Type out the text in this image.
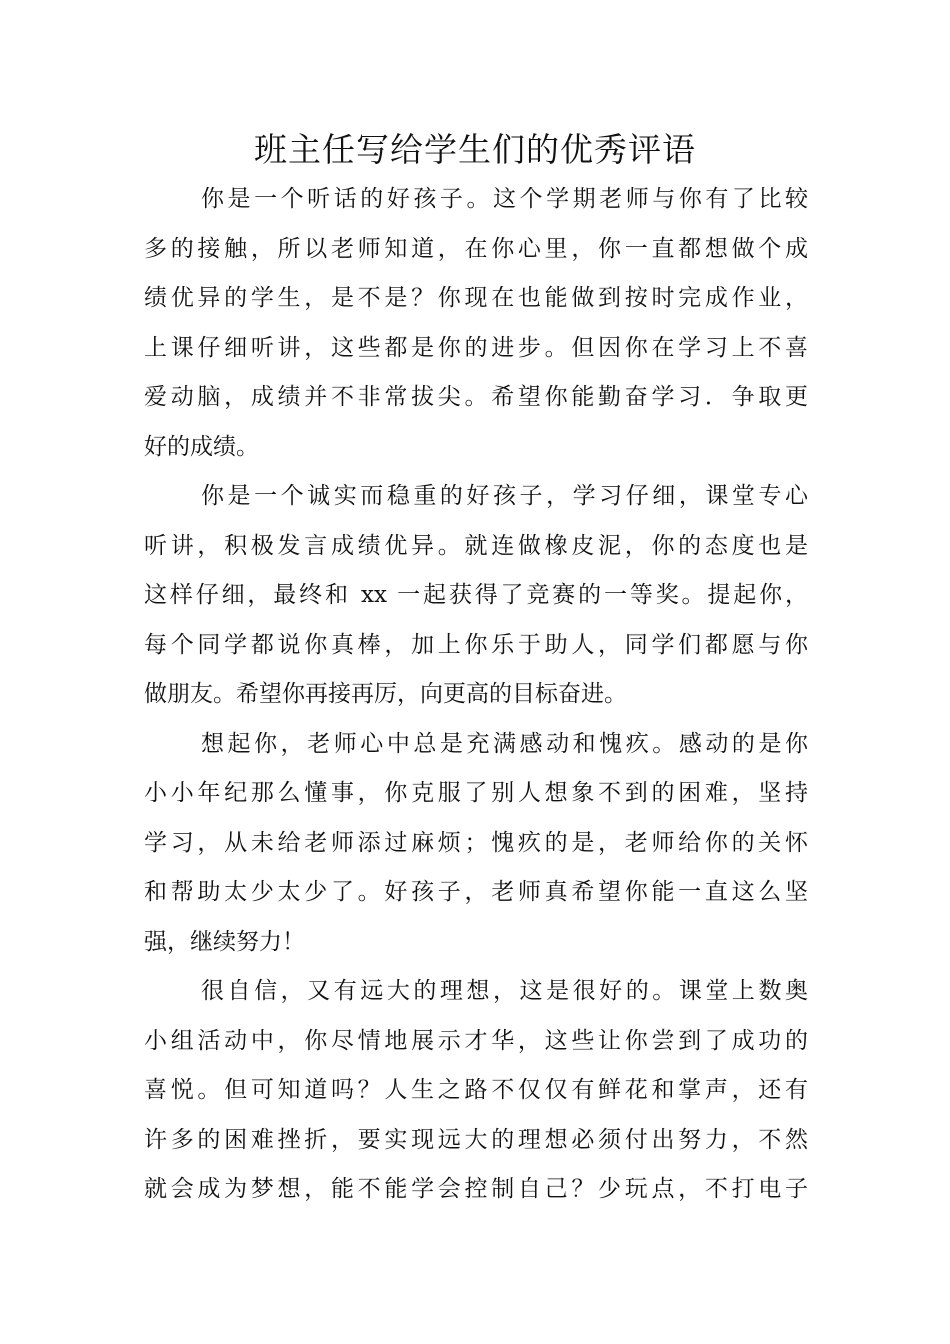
班主任写给学生们的优秀评语

你是一个听话的好孩子。这个学期老师与你有了比较
多的接触，所以老师知道，在你心里，你一直都想做个成
绩优异的学生，是不是？你现在也能做到按时完成作业，
上课仔细听讲，这些都是你的进步。但因你在学习上不喜
爱动脑，成绩并不非常拔尖。希望你能勤奋学习．争取更
好的成绩。

你是一个诚实而稳重的好孩子，学习仔细，课堂专心
听讲，积极发言成绩优异。就连做橡皮泥，你的态度也是
这样仔细，最终和 xx 一起获得了竞赛的一等奖。提起你，
每个同学都说你真棒，加上你乐于助人，同学们都愿与你
做朋友。希望你再接再厉，向更高的目标奋进。

想起你，老师心中总是充满感动和愧疚。感动的是你
小小年纪那么懂事，你克服了别人想象不到的困难，坚持
学习，从未给老师添过麻烦；愧疚的是，老师给你的关怀
和帮助太少太少了。好孩子，老师真希望你能一直这么坚
强，继续努力！

很自信，又有远大的理想，这是很好的。课堂上数奥
小组活动中，你尽情地展示才华，这些让你尝到了成功的
喜悦。但可知道吗？人生之路不仅仅有鲜花和掌声，还有
许多的困难挫折，要实现远大的理想必须付出努力，不然
就会成为梦想，能不能学会控制自己？少玩点，不打电子
